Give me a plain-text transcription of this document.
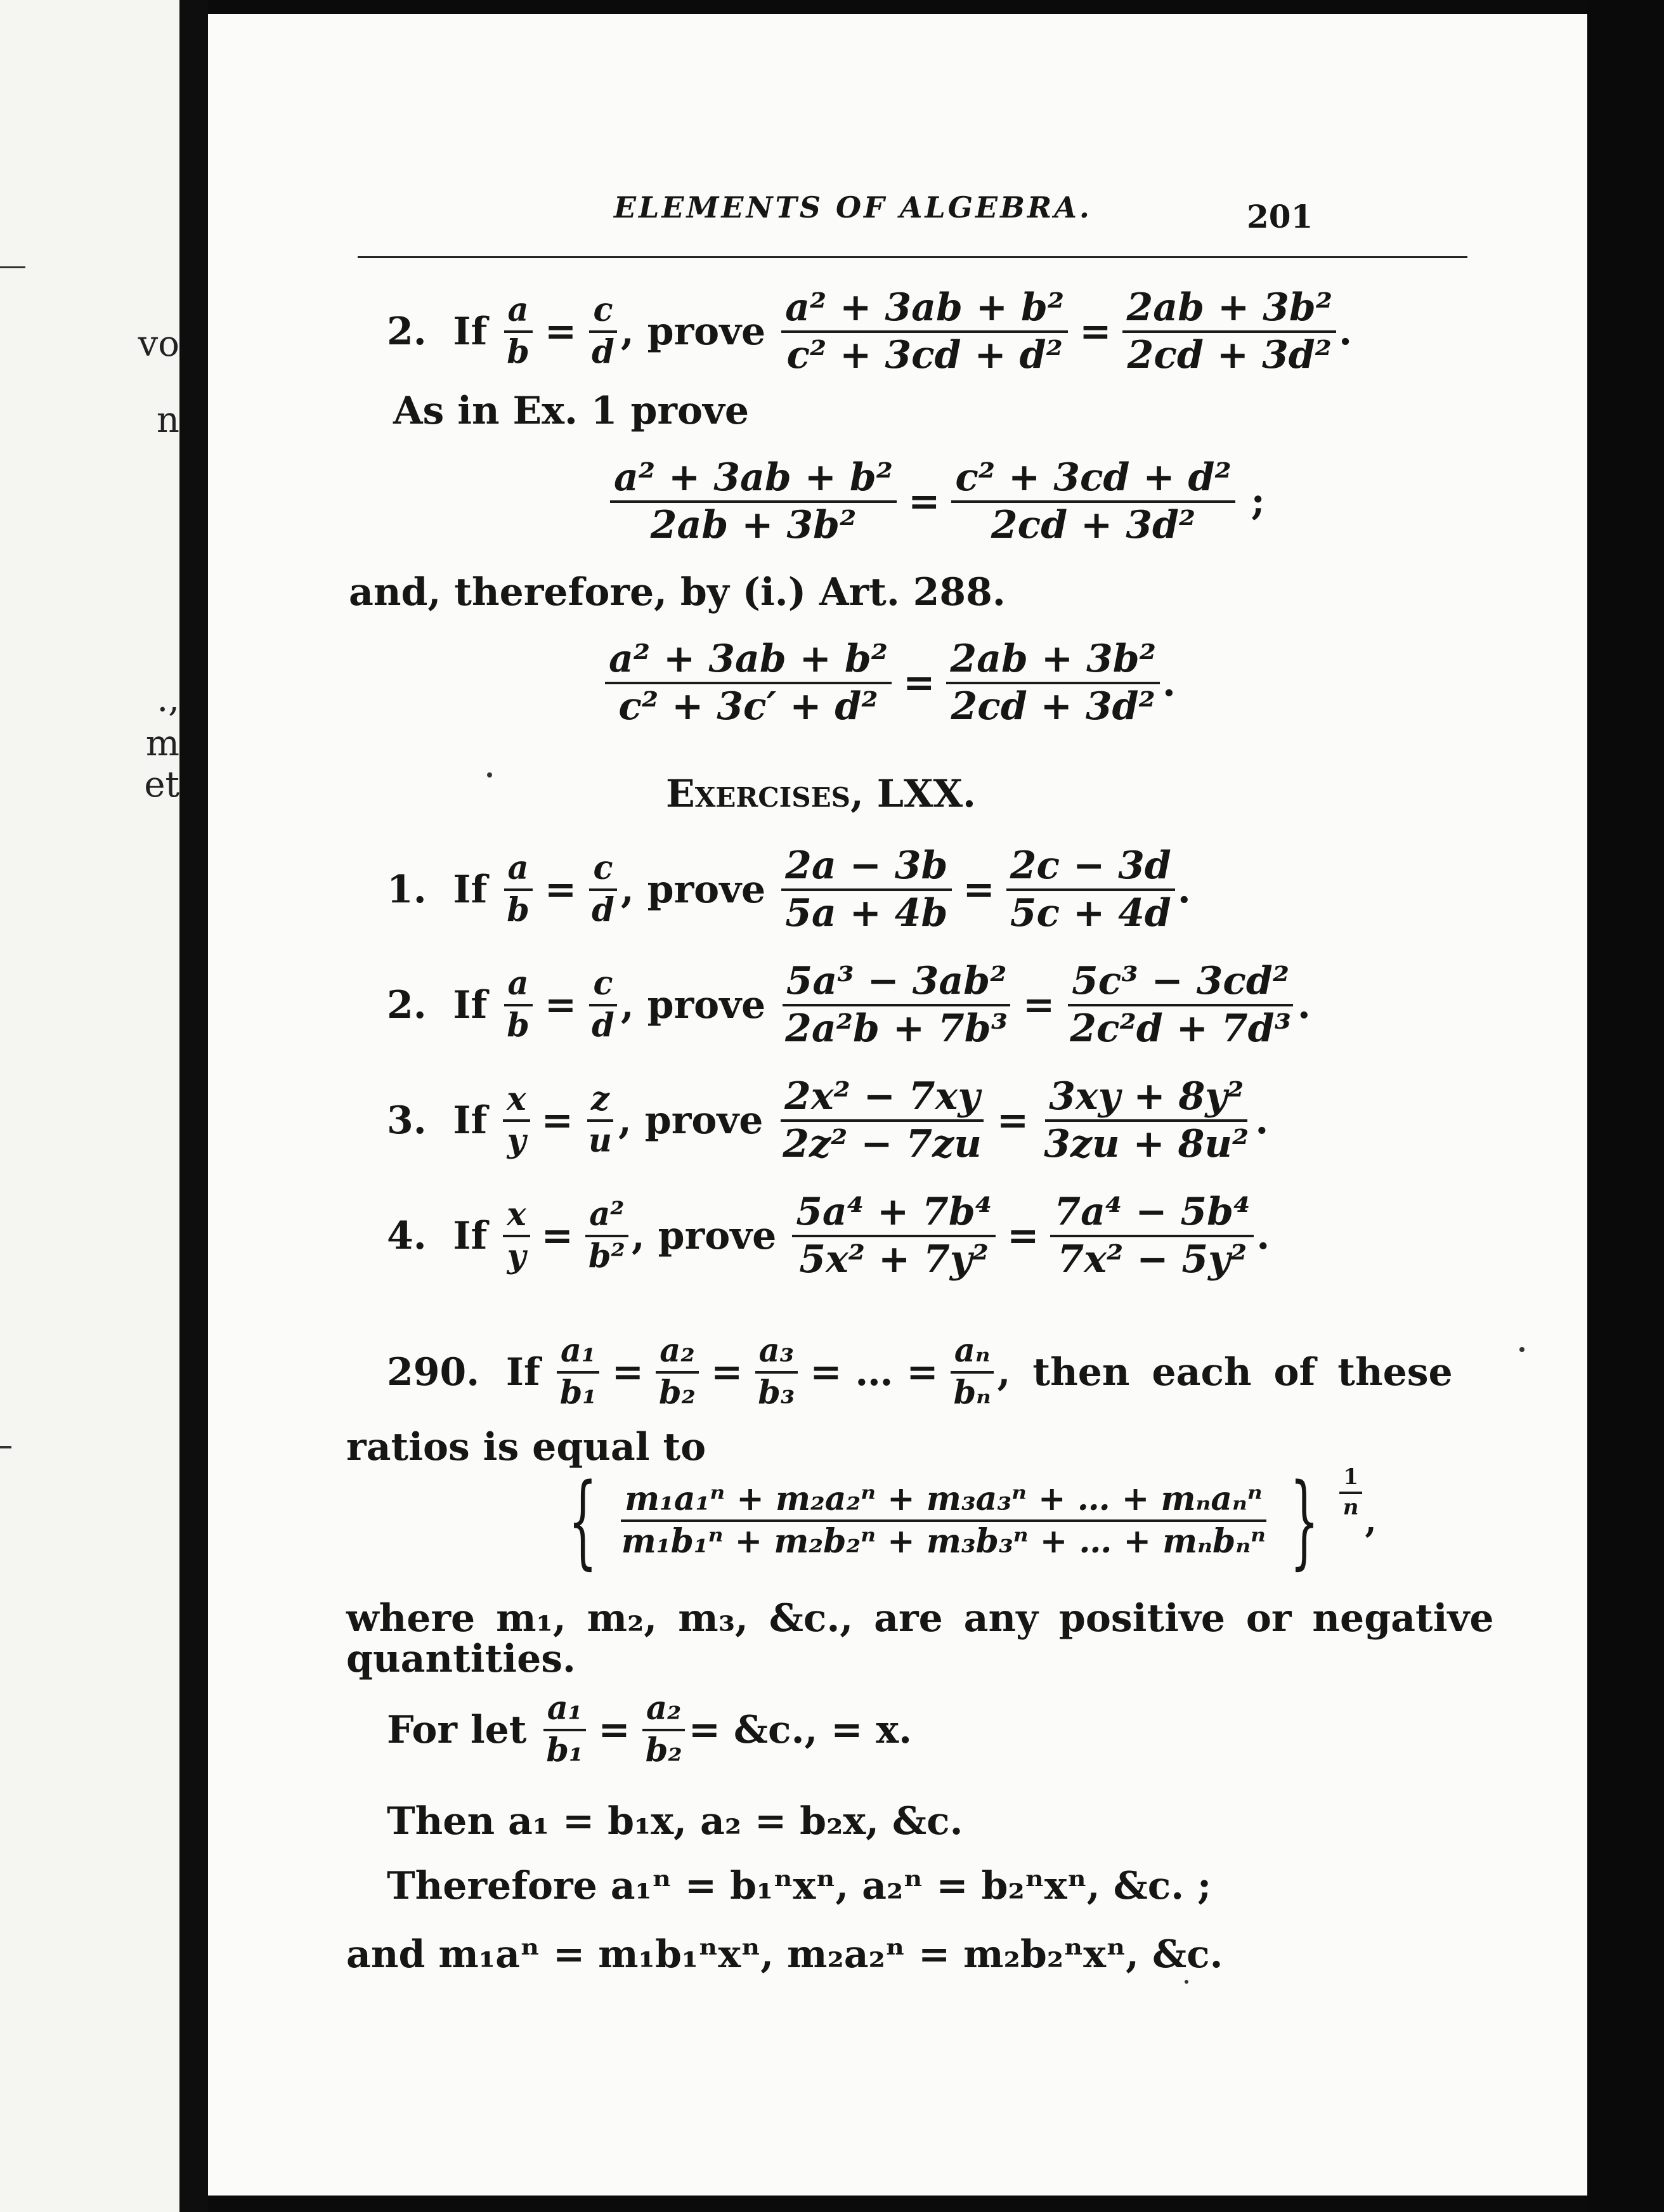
vo
n
.,
m
et
ELEMENTS OF ALGEBRA.	201
2.
If
$\frac{a}{b} = \frac{c}{d}$ , prove
$\frac{\text{a² + 3ab + b²}}{\text{c² + 3cd + d²}} = \frac{\text{2ab + 3b²}}{\text{2cd + 3d²}}$ .
As in Ex. 1 prove
$\frac{\text{a² + 3ab + b²}}{\text{2ab + 3b²}} = \frac{\text{c² + 3cd + d²}}{\text{2cd + 3d²}}$ ;
and, therefore, by (i.) Art. 288.
$\frac{\text{a² + 3ab + b²}}{\text{c² + 3c′ + d²}} = \frac{\text{2ab + 3b²}}{\text{2cd + 3d²}}$ .
Exercises, LXX.
1.
If
$\frac{a}{b} = \frac{c}{d}$ , prove
$\frac{2a - 3b}{5a + 4b} = \frac{2c - 3d}{5c + 4d}$ .
2.
If
$\frac{a}{b} = \frac{c}{d}$ , prove
$\frac{\text{5a³ − 3ab²}}{\text{2a²b + 7b³}} = \frac{\text{5c³ − 3cd²}}{\text{2c²d + 7d³}}$ .
3.
If
$\frac{x}{y} = \frac{z}{u}$ , prove
$\frac{\text{2x² − 7xy}}{\text{2z² − 7zu}} = \frac{\text{3xy + 8y²}}{\text{3zu + 8u²}}$ .
4.
If
$\frac{x}{y} = \frac{\text{a²}}{\text{b²}}$ , prove
$\frac{\text{5a⁴ + 7b⁴}}{\text{5x² + 7y²}} = \frac{\text{7a⁴ − 5b⁴}}{\text{7x² − 5y²}}$ .
290.
If
$\frac{\text{a₁}}{\text{b₁}} = \frac{\text{a₂}}{\text{b₂}} = \frac{\text{a₃}}{\text{b₃}}$ = … = $\frac{\text{aₙ}}{\text{bₙ}}$ , then each of these
ratios is equal to
{ $\frac{\text{m₁a₁ⁿ + m₂a₂ⁿ + m₃a₃ⁿ + … + mₙaₙⁿ}}{\text{m₁b₁ⁿ + m₂b₂ⁿ + m₃b₃ⁿ + … + mₙbₙⁿ}}$ } $\frac{1}{n}$
,
where m₁, m₂, m₃, &c., are any positive or negative
quantities.
For let
$\frac{\text{a₁}}{\text{b₁}} = \frac{\text{a₂}}{\text{b₂}}$ = &c., = x.
Then a₁ = b₁x, a₂ = b₂x, &c.
Therefore a₁ⁿ = b₁ⁿxⁿ, a₂ⁿ = b₂ⁿxⁿ, &c. ;
and m₁aⁿ = m₁b₁ⁿxⁿ, m₂a₂ⁿ = m₂b₂ⁿxⁿ, &c.
